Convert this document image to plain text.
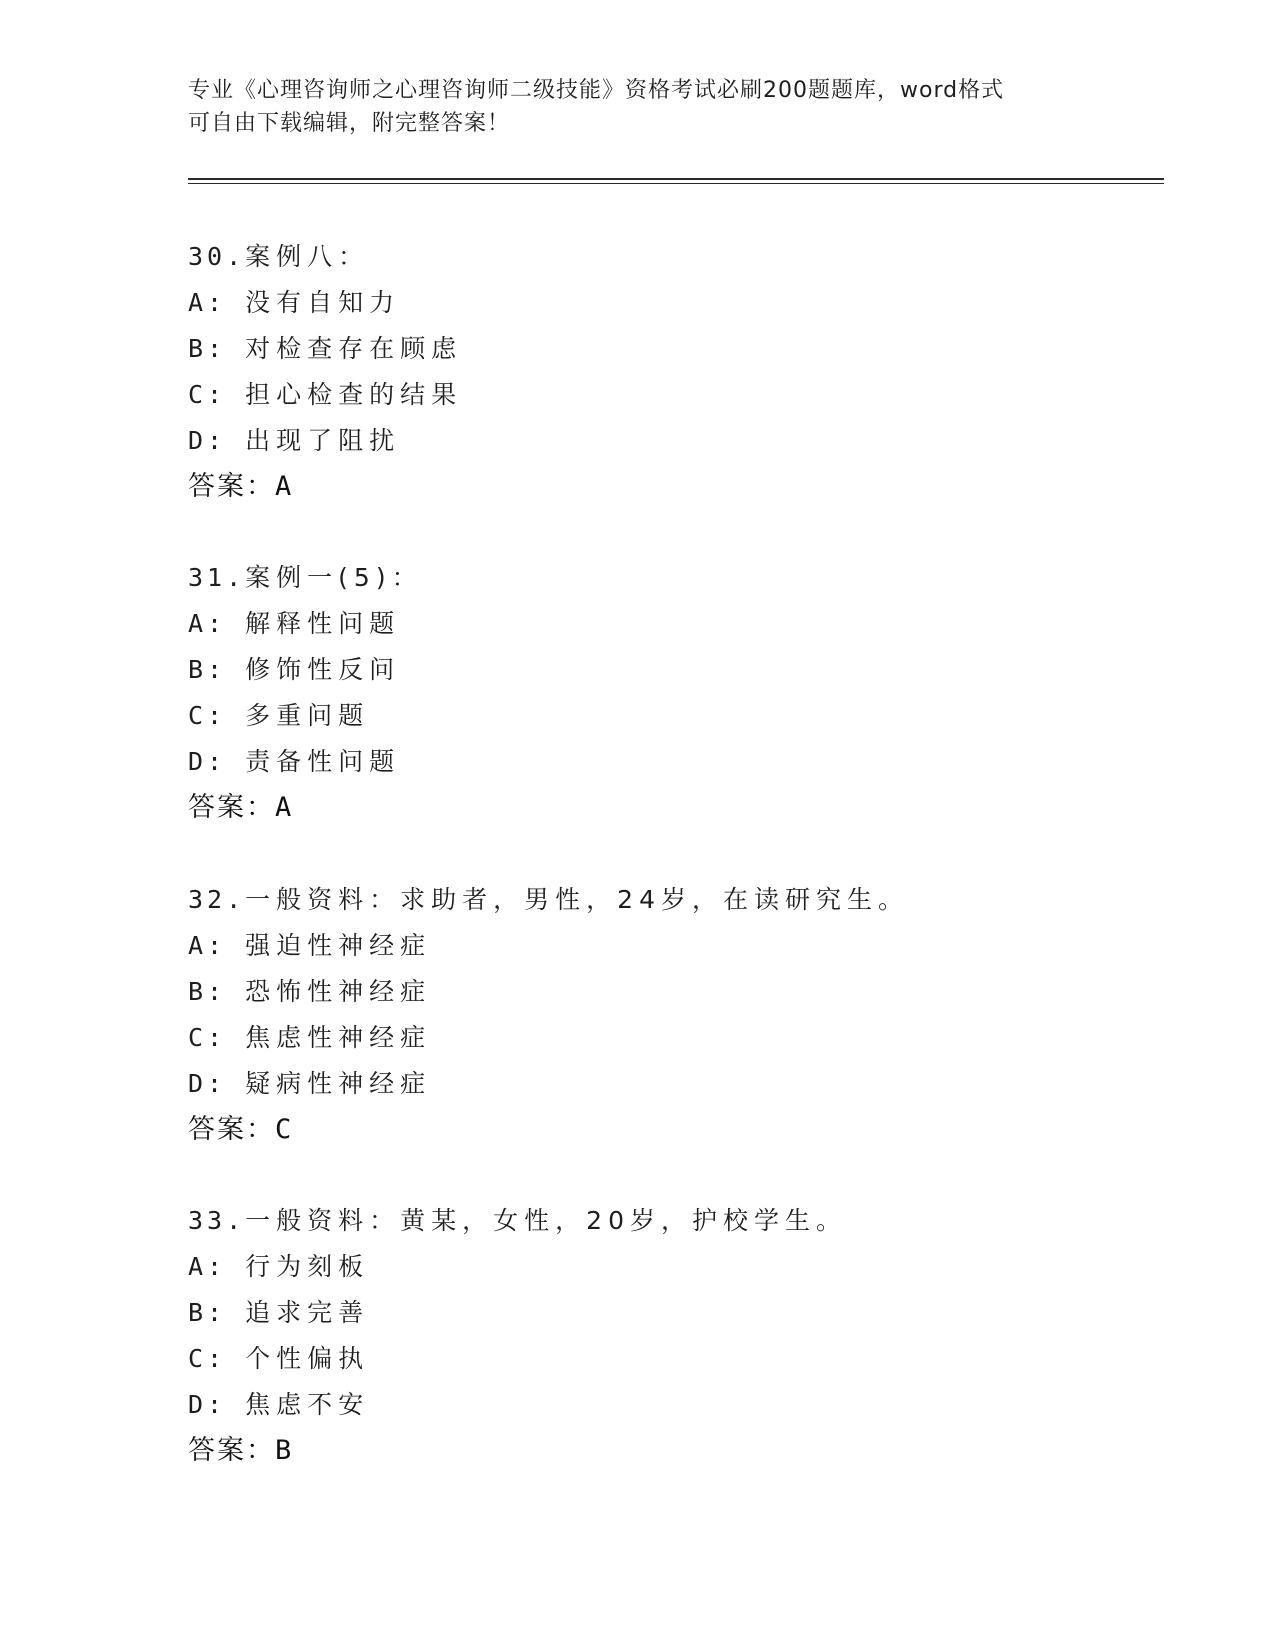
专业《心理咨询师之心理咨询师二级技能》资格考试必刷200题题库，word格式
可自由下载编辑，附完整答案！
30.案例八：
A: 没有自知力
B: 对检查存在顾虑
C: 担心检查的结果
D: 出现了阻扰
答案：A
31.案例一(5)：
A: 解释性问题
B: 修饰性反问
C: 多重问题
D: 责备性问题
答案：A
32.一般资料：求助者，男性，24岁，在读研究生。
A: 强迫性神经症
B: 恐怖性神经症
C: 焦虑性神经症
D: 疑病性神经症
答案：C
33.一般资料：黄某，女性，20岁，护校学生。
A: 行为刻板
B: 追求完善
C: 个性偏执
D: 焦虑不安
答案：B
